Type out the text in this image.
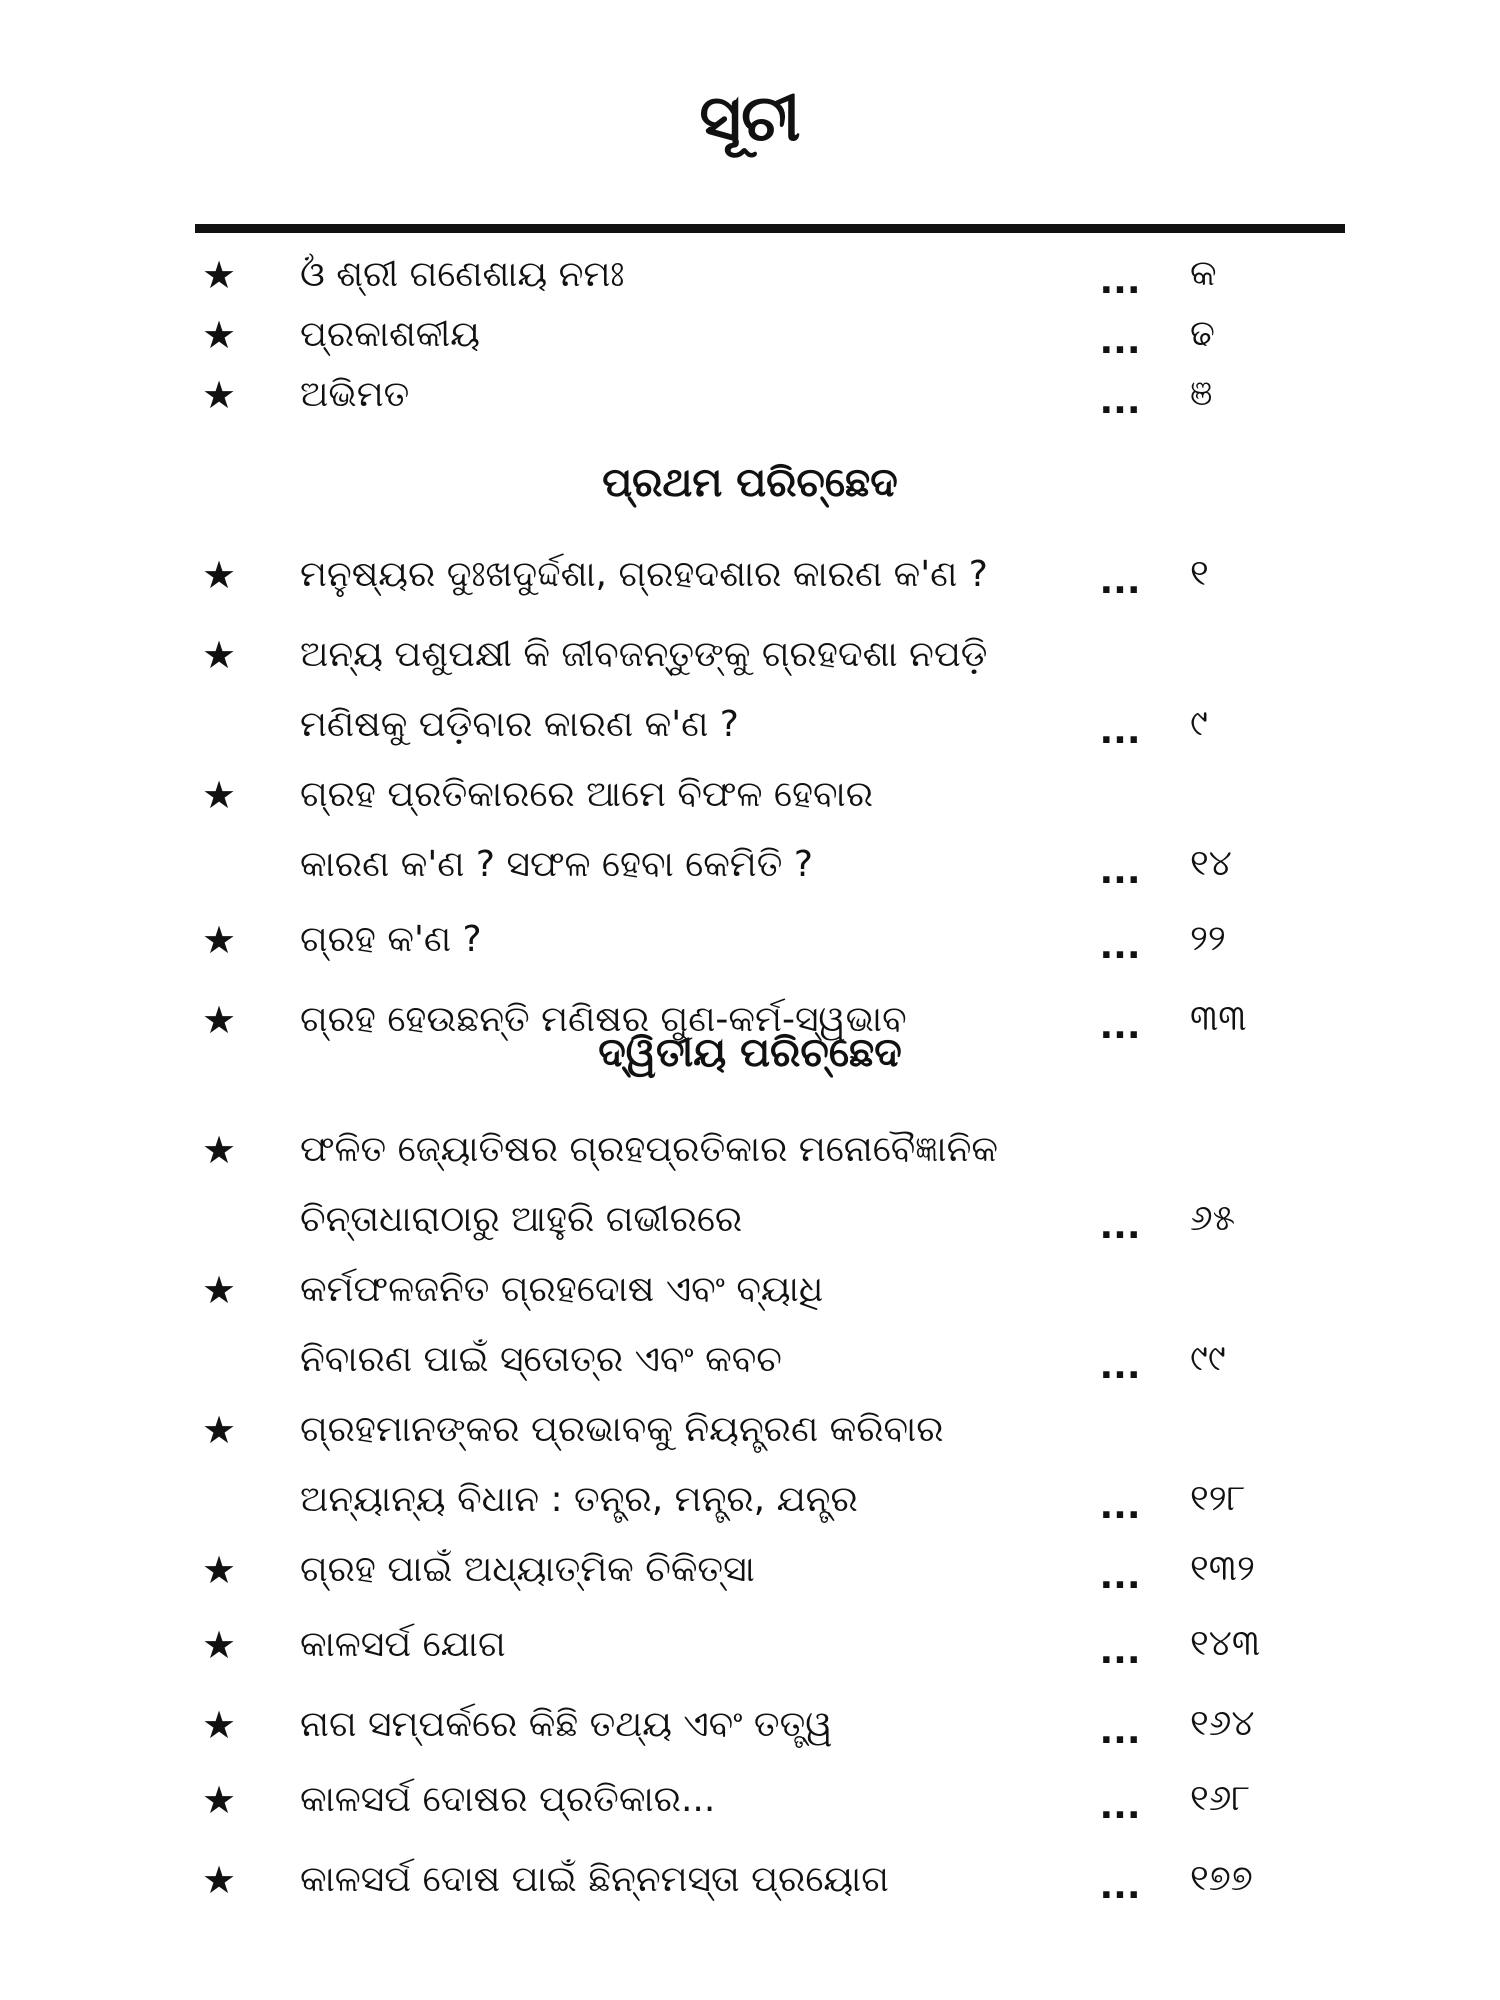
ସୂଚୀ
★ ଓଁ ଶ୍ରୀ ଗଣେଶାୟ ନମଃ	...	କ
★ ପ୍ରକାଶକୀୟ	...	ଢ
★ ଅଭିମତ	...	ଞ
ପ୍ରଥମ ପରିଚ୍ଛେଦ
★ ମନୁଷ୍ୟର ଦୁଃଖଦୁର୍ଦ୍ଦଶା, ଗ୍ରହଦଶାର କାରଣ କ'ଣ ?	...	୧
★ ଅନ୍ୟ ପଶୁପକ୍ଷୀ କି ଜୀବଜନ୍ତୁଙ୍କୁ ଗ୍ରହଦଶା ନପଡ଼ି
ମଣିଷକୁ ପଡ଼ିବାର କାରଣ କ'ଣ ?	...	୯
★ ଗ୍ରହ ପ୍ରତିକାରରେ ଆମେ ବିଫଳ ହେବାର
କାରଣ କ'ଣ ? ସଫଳ ହେବା କେମିତି ?	...	୧୪
★ ଗ୍ରହ କ'ଣ ?	...	୨୨
★ ଗ୍ରହ ହେଉଛନ୍ତି ମଣିଷର ଗୁଣ-କର୍ମ-ସ୍ୱଭାବ	...	୩୩
ଦ୍ୱିତୀୟ ପରିଚ୍ଛେଦ
★ ଫଳିତ ଜ୍ୟୋତିଷର ଗ୍ରହପ୍ରତିକାର ମନୋବୈଜ୍ଞାନିକ
ଚିନ୍ତାଧାରାଠାରୁ ଆହୁରି ଗଭୀରରେ	...	୬୫
★ କର୍ମଫଳଜନିତ ଗ୍ରହଦୋଷ ଏବଂ ବ୍ୟାଧି
ନିବାରଣ ପାଇଁ ସ୍ତୋତ୍ର ଏବଂ କବଚ	...	୯୯
★ ଗ୍ରହମାନଙ୍କର ପ୍ରଭାବକୁ ନିୟନ୍ତ୍ରଣ କରିବାର
ଅନ୍ୟାନ୍ୟ ବିଧାନ : ତନ୍ତ୍ର, ମନ୍ତ୍ର, ଯନ୍ତ୍ର	...	୧୨୮
★ ଗ୍ରହ ପାଇଁ ଅଧ୍ୟାତ୍ମିକ ଚିକିତ୍ସା	...	୧୩୨
★ କାଳସର୍ପ ଯୋଗ	...	୧୪୩
★ ନାଗ ସମ୍ପର୍କରେ କିଛି ତଥ୍ୟ ଏବଂ ତତ୍ତ୍ୱ	...	୧୬୪
★ କାଳସର୍ପ ଦୋଷର ପ୍ରତିକାର...	...	୧୬୮
★ କାଳସର୍ପ ଦୋଷ ପାଇଁ ଛିନ୍ନମସ୍ତା ପ୍ରୟୋଗ	...	୧୭୭
